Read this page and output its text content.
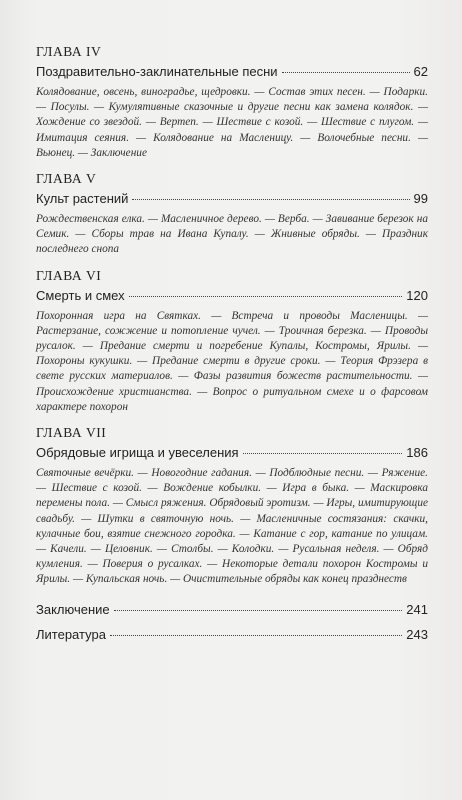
ГЛАВА IV
Поздравительно-заклинательные песни	62
Колядование, овсень, виноградье, щедровки. — Состав этих песен. — Подарки. — Посулы. — Кумулятивные сказочные и другие песни как замена колядок. — Хождение со звездой. — Вертеп. — Шествие с козой. — Шествие с плугом. — Имитация сеяния. — Колядование на Масленицу. — Волочебные песни. — Вьюнец. — Заключение
ГЛАВА V
Культ растений	99
Рождественская елка. — Масленичное дерево. — Верба. — Завивание березок на Семик. — Сборы трав на Ивана Купалу. — Жнивные обряды. — Праздник последнего снопа
ГЛАВА VI
Смерть и смех	120
Похоронная игра на Святках. — Встреча и проводы Масленицы. — Растерзание, сожжение и потопление чучел. — Троичная березка. — Проводы русалок. — Предание смерти и погребение Купалы, Костромы, Ярилы. — Похороны кукушки. — Предание смерти в другие сроки. — Теория Фрэзера в свете русских материалов. — Фазы развития божеств растительности. — Происхождение христианства. — Вопрос о ритуальном смехе и о фарсовом характере похорон
ГЛАВА VII
Обрядовые игрища и увеселения	186
Святочные вечёрки. — Новогодние гадания. — Подблюдные песни. — Ряжение. — Шествие с козой. — Вождение кобылки. — Игра в быка. — Маскировка перемены пола. — Смысл ряжения. Обрядовый эротизм. — Игры, имитирующие свадьбу. — Шутки в святочную ночь. — Масленичные состязания: скачки, кулачные бои, взятие снежного городка. — Катание с гор, катание по улицам. — Качели. — Целовник. — Столбы. — Колодки. — Русальная неделя. — Обряд кумления. — Поверия о русалках. — Некоторые детали похорон Костромы и Ярилы. — Купальская ночь. — Очистительные обряды как конец празднеств
Заключение	241
Литература	243
